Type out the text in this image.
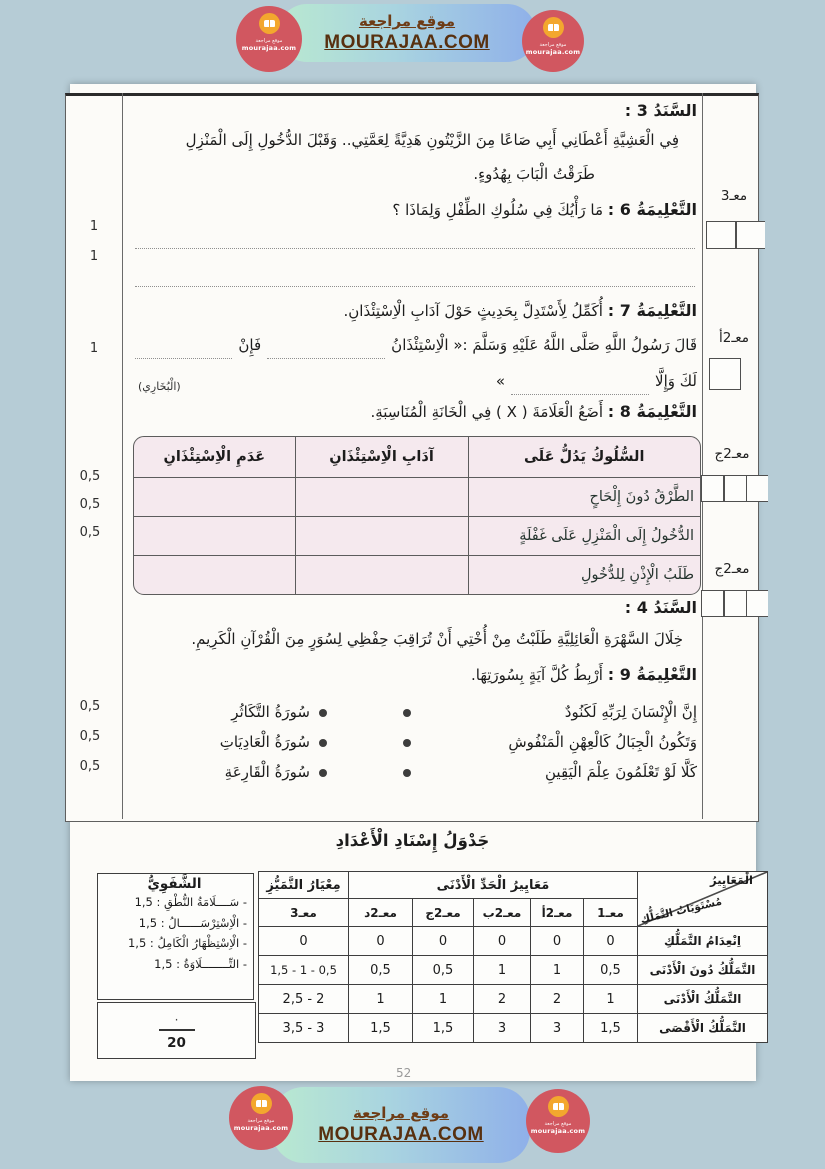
موقع مراجعة
mourajaa.com
موقع مراجعة
MOURAJAA.COM	موقع مراجعة
mourajaa.com
السَّنَدُ 3 :
فِي الْعَشِيَّةِ أَعْطَانِي أَبِي صَاعًا مِنَ الزَّيْتُونِ هَدِيَّةً لِعَمَّتِي.. وَقَبْلَ الدُّخُولِ إِلَى الْمَنْزِلِ
طَرَقْتُ الْبَابَ بِهُدُوءٍ.
التَّعْلِيمَةُ 6 : مَا رَأْيُكَ فِي سُلُوكِ الطِّفْلِ وَلِمَاذَا ؟
التَّعْلِيمَةُ 7 : أُكَمِّلُ لِأَسْتَدِلَّ بِحَدِيثٍ حَوْلَ آدَابِ الْاِسْتِئْذَانِ.
قَالَ رَسُولُ اللَّهِ صَلَّى اللَّهُ عَلَيْهِ وَسَلَّمَ :« الْاِسْتِئْذَانُ
فَإِنْ
لَكَ وَإِلَّا
»
(الْبُخَارِي)
التَّعْلِيمَةُ 8 : أَضَعُ الْعَلَامَةَ ( X ) فِي الْخَانَةِ الْمُنَاسِبَةِ.
السُّلُوكُ يَدُلُّ عَلَى	آدَابِ الْاِسْتِئْذَانِ	عَدَمِ الْاِسْتِئْذَانِ
الطَّرْقُ دُونَ إِلْحَاحٍ		
الدُّخُولُ إِلَى الْمَنْزِلِ عَلَى غَفْلَةٍ		
طَلَبُ الْإِذْنِ لِلدُّخُولِ		
السَّنَدُ 4 :
خِلَالَ السَّهْرَةِ الْعَائِلِيَّةِ طَلَبْتُ مِنْ أُخْتِي أَنْ تُرَاقِبَ حِفْظِي لِسُوَرٍ مِنَ الْقُرْآنِ الْكَرِيمِ.
التَّعْلِيمَةُ 9 : أَرْبِطُ كُلَّ آيَةٍ بِسُورَتِهَا.
إِنَّ الْإِنْسَانَ لِرَبِّهِ لَكَنُودٌ
سُورَةُ التَّكَاثُرِ
وَتَكُونُ الْجِبَالُ كَالْعِهْنِ الْمَنْفُوشِ
سُورَةُ الْعَادِيَاتِ
كَلَّا لَوْ تَعْلَمُونَ عِلْمَ الْيَقِينِ
سُورَةُ الْقَارِعَةِ
1
1
1
0,5
0,5
0,5
0,5
0,5
0,5
معـ3
معـ2أ
معـ2ج
معـ2ج
جَدْوَلُ إِسْنَادِ الْأَعْدَادِ
الْمَعَايِيرُ
مُسْتَوَيَاتُ التَّمَلُّكِ	مَعَايِيرُ الْحَدِّ الْأَدْنَى					مِعْيَارُ التَّمَيُّزِ
	معـ1	معـ2أ	معـ2ب	معـ2ج	معـ2د	معـ3
اِنْعِدَامُ التَّمَلُّكِ	0	0	0	0	0	0
التَّمَلُّكُ دُونَ الْأَدْنَى	0,5	1	1	0,5	0,5	1,5 - 1 - 0,5
التَّمَلُّكُ الْأَدْنَى	1	2	2	1	1	2,5 - 2
التَّمَلُّكُ الْأَقْصَى	1,5	3	3	1,5	1,5	3,5 - 3
الشَّفَوِيُّ
- سَــــلَامَةُ النُّطْقِ : 1,5
- الْاِسْتِرْسَــــــالُ : 1,5
- الْاِسْتِظْهَارُ الْكَامِلُ : 1,5
- التِّــــــــلَاوَةُ : 1,5
·
20
52
موقع مراجعة
mourajaa.com
موقع مراجعة
MOURAJAA.COM	موقع مراجعة
mourajaa.com
